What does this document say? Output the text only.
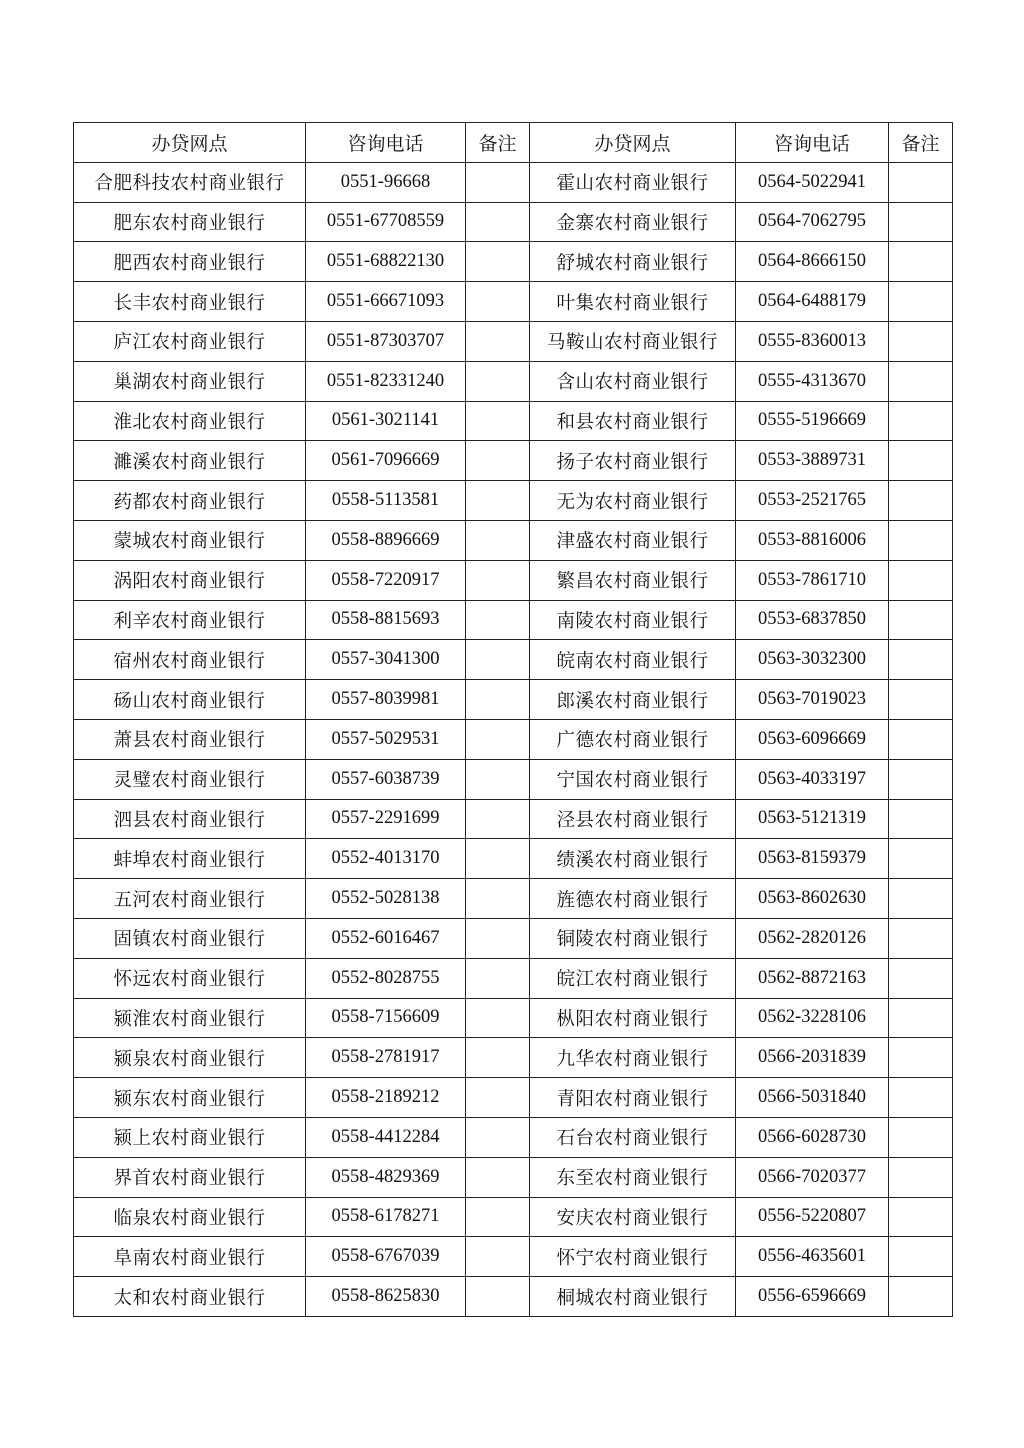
办贷网点	咨询电话	备注	办贷网点	咨询电话	备注
合肥科技农村商业银行	0551-96668		霍山农村商业银行	0564-5022941	
肥东农村商业银行	0551-67708559		金寨农村商业银行	0564-7062795	
肥西农村商业银行	0551-68822130		舒城农村商业银行	0564-8666150	
长丰农村商业银行	0551-66671093		叶集农村商业银行	0564-6488179	
庐江农村商业银行	0551-87303707		马鞍山农村商业银行	0555-8360013	
巢湖农村商业银行	0551-82331240		含山农村商业银行	0555-4313670	
淮北农村商业银行	0561-3021141		和县农村商业银行	0555-5196669	
濉溪农村商业银行	0561-7096669		扬子农村商业银行	0553-3889731	
药都农村商业银行	0558-5113581		无为农村商业银行	0553-2521765	
蒙城农村商业银行	0558-8896669		津盛农村商业银行	0553-8816006	
涡阳农村商业银行	0558-7220917		繁昌农村商业银行	0553-7861710	
利辛农村商业银行	0558-8815693		南陵农村商业银行	0553-6837850	
宿州农村商业银行	0557-3041300		皖南农村商业银行	0563-3032300	
砀山农村商业银行	0557-8039981		郎溪农村商业银行	0563-7019023	
萧县农村商业银行	0557-5029531		广德农村商业银行	0563-6096669	
灵璧农村商业银行	0557-6038739		宁国农村商业银行	0563-4033197	
泗县农村商业银行	0557-2291699		泾县农村商业银行	0563-5121319	
蚌埠农村商业银行	0552-4013170		绩溪农村商业银行	0563-8159379	
五河农村商业银行	0552-5028138		旌德农村商业银行	0563-8602630	
固镇农村商业银行	0552-6016467		铜陵农村商业银行	0562-2820126	
怀远农村商业银行	0552-8028755		皖江农村商业银行	0562-8872163	
颍淮农村商业银行	0558-7156609		枞阳农村商业银行	0562-3228106	
颍泉农村商业银行	0558-2781917		九华农村商业银行	0566-2031839	
颍东农村商业银行	0558-2189212		青阳农村商业银行	0566-5031840	
颍上农村商业银行	0558-4412284		石台农村商业银行	0566-6028730	
界首农村商业银行	0558-4829369		东至农村商业银行	0566-7020377	
临泉农村商业银行	0558-6178271		安庆农村商业银行	0556-5220807	
阜南农村商业银行	0558-6767039		怀宁农村商业银行	0556-4635601	
太和农村商业银行	0558-8625830		桐城农村商业银行	0556-6596669	
